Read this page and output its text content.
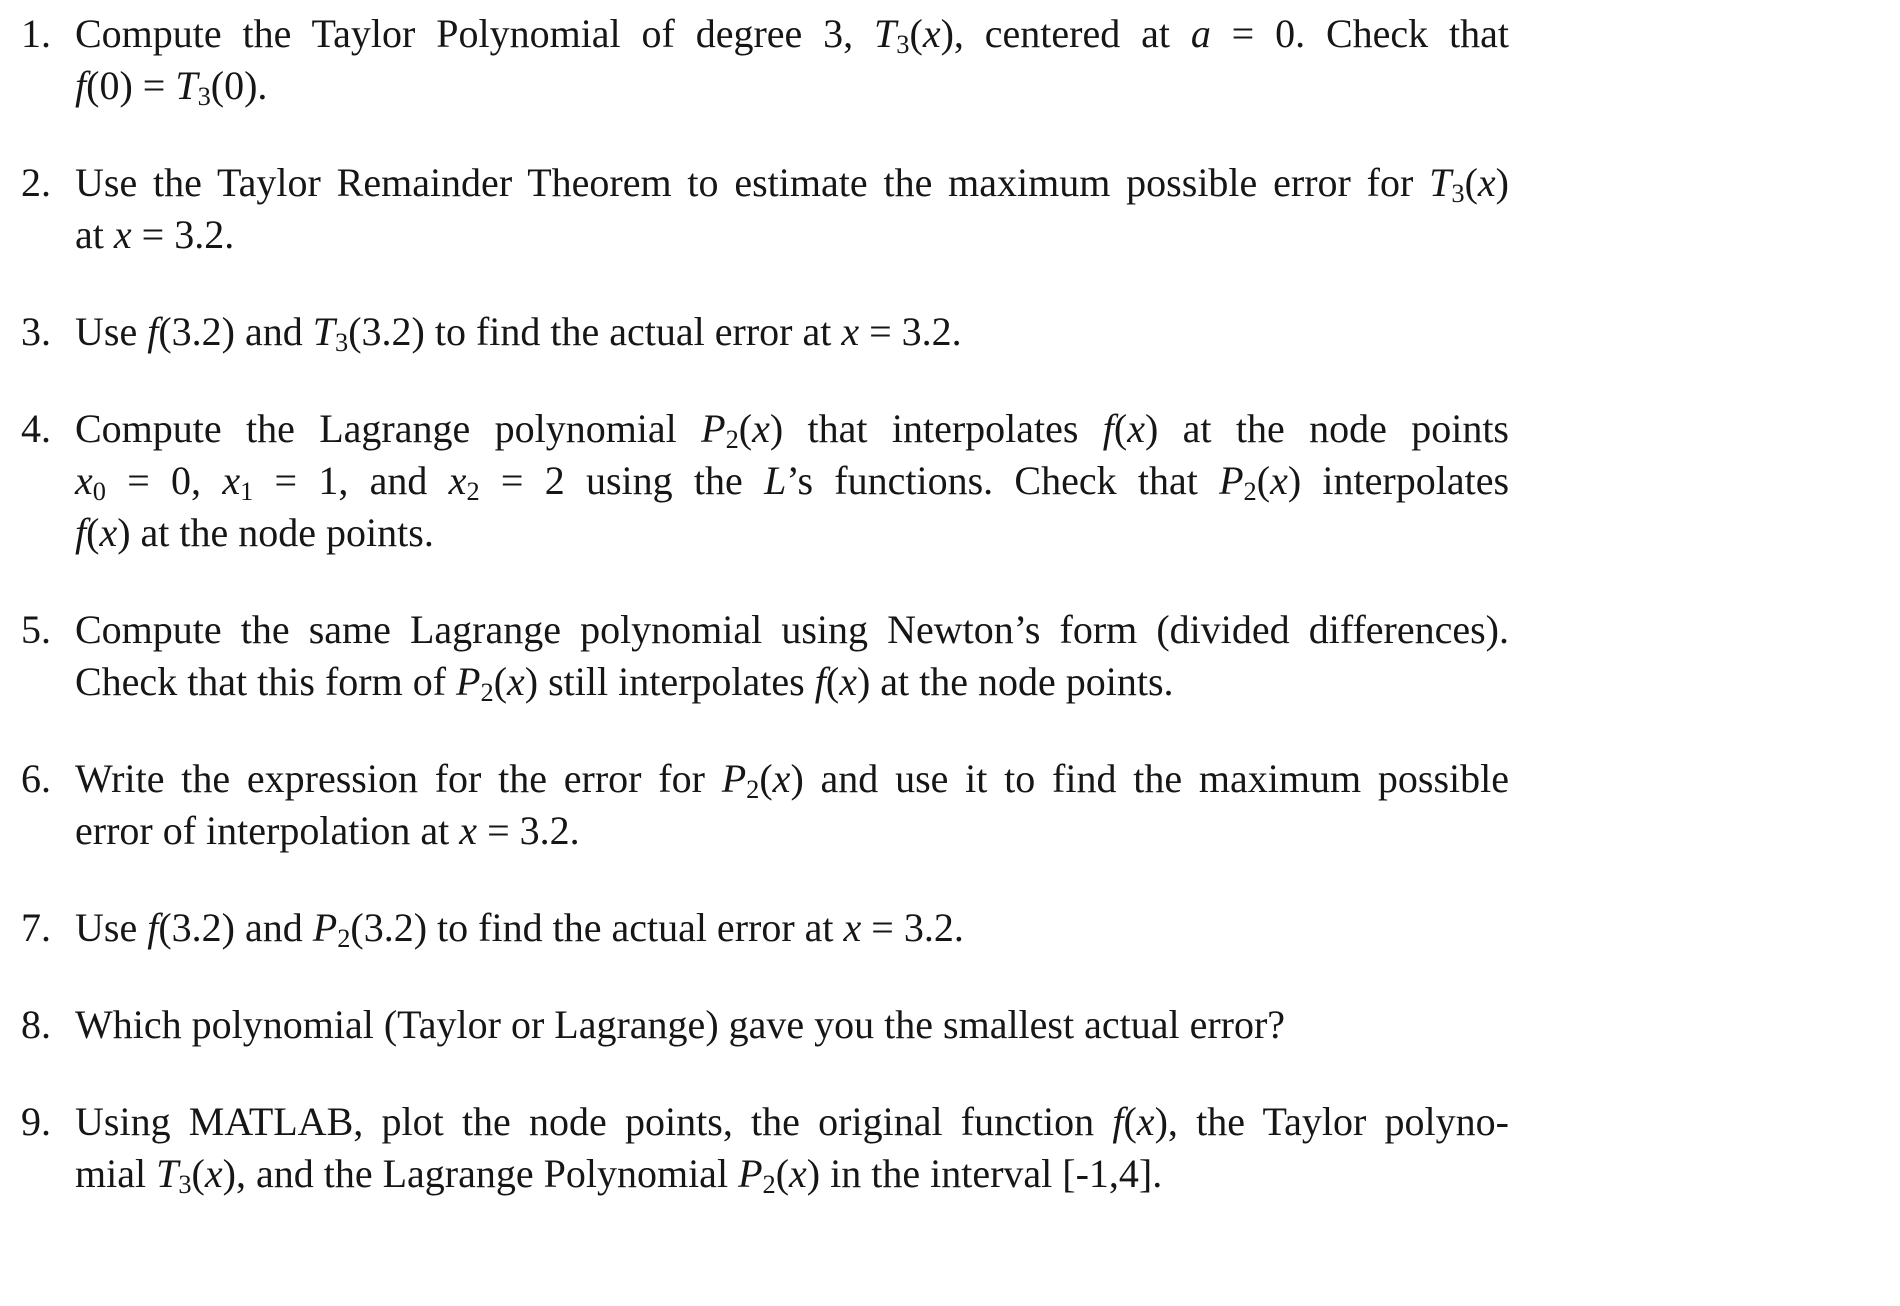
1. Compute the Taylor Polynomial of degree 3, $T_3(x)$, centered at a = 0. Check that
$f(0) = T_3(0)$.
2. Use the Taylor Remainder Theorem to estimate the maximum possible error for $T_3(x)$
at x = 3.2.
3. Use f(3.2) and $T_3(3.2)$ to find the actual error at x = 3.2.
4. Compute the Lagrange polynomial $P_2(x)$ that interpolates f(x) at the node points
$x_0 = 0$, $x_1 = 1$, and $x_2 = 2$ using the L’s functions. Check that $P_2(x)$ interpolates
f(x) at the node points.
5. Compute the same Lagrange polynomial using Newton’s form (divided differences).
Check that this form of $P_2(x)$ still interpolates f(x) at the node points.
6. Write the expression for the error for $P_2(x)$ and use it to find the maximum possible
error of interpolation at x = 3.2.
7. Use f(3.2) and $P_2(3.2)$ to find the actual error at x = 3.2.
8. Which polynomial (Taylor or Lagrange) gave you the smallest actual error?
9. Using MATLAB, plot the node points, the original function f(x), the Taylor polyno-
mial $T_3(x)$, and the Lagrange Polynomial $P_2(x)$ in the interval [-1,4].
